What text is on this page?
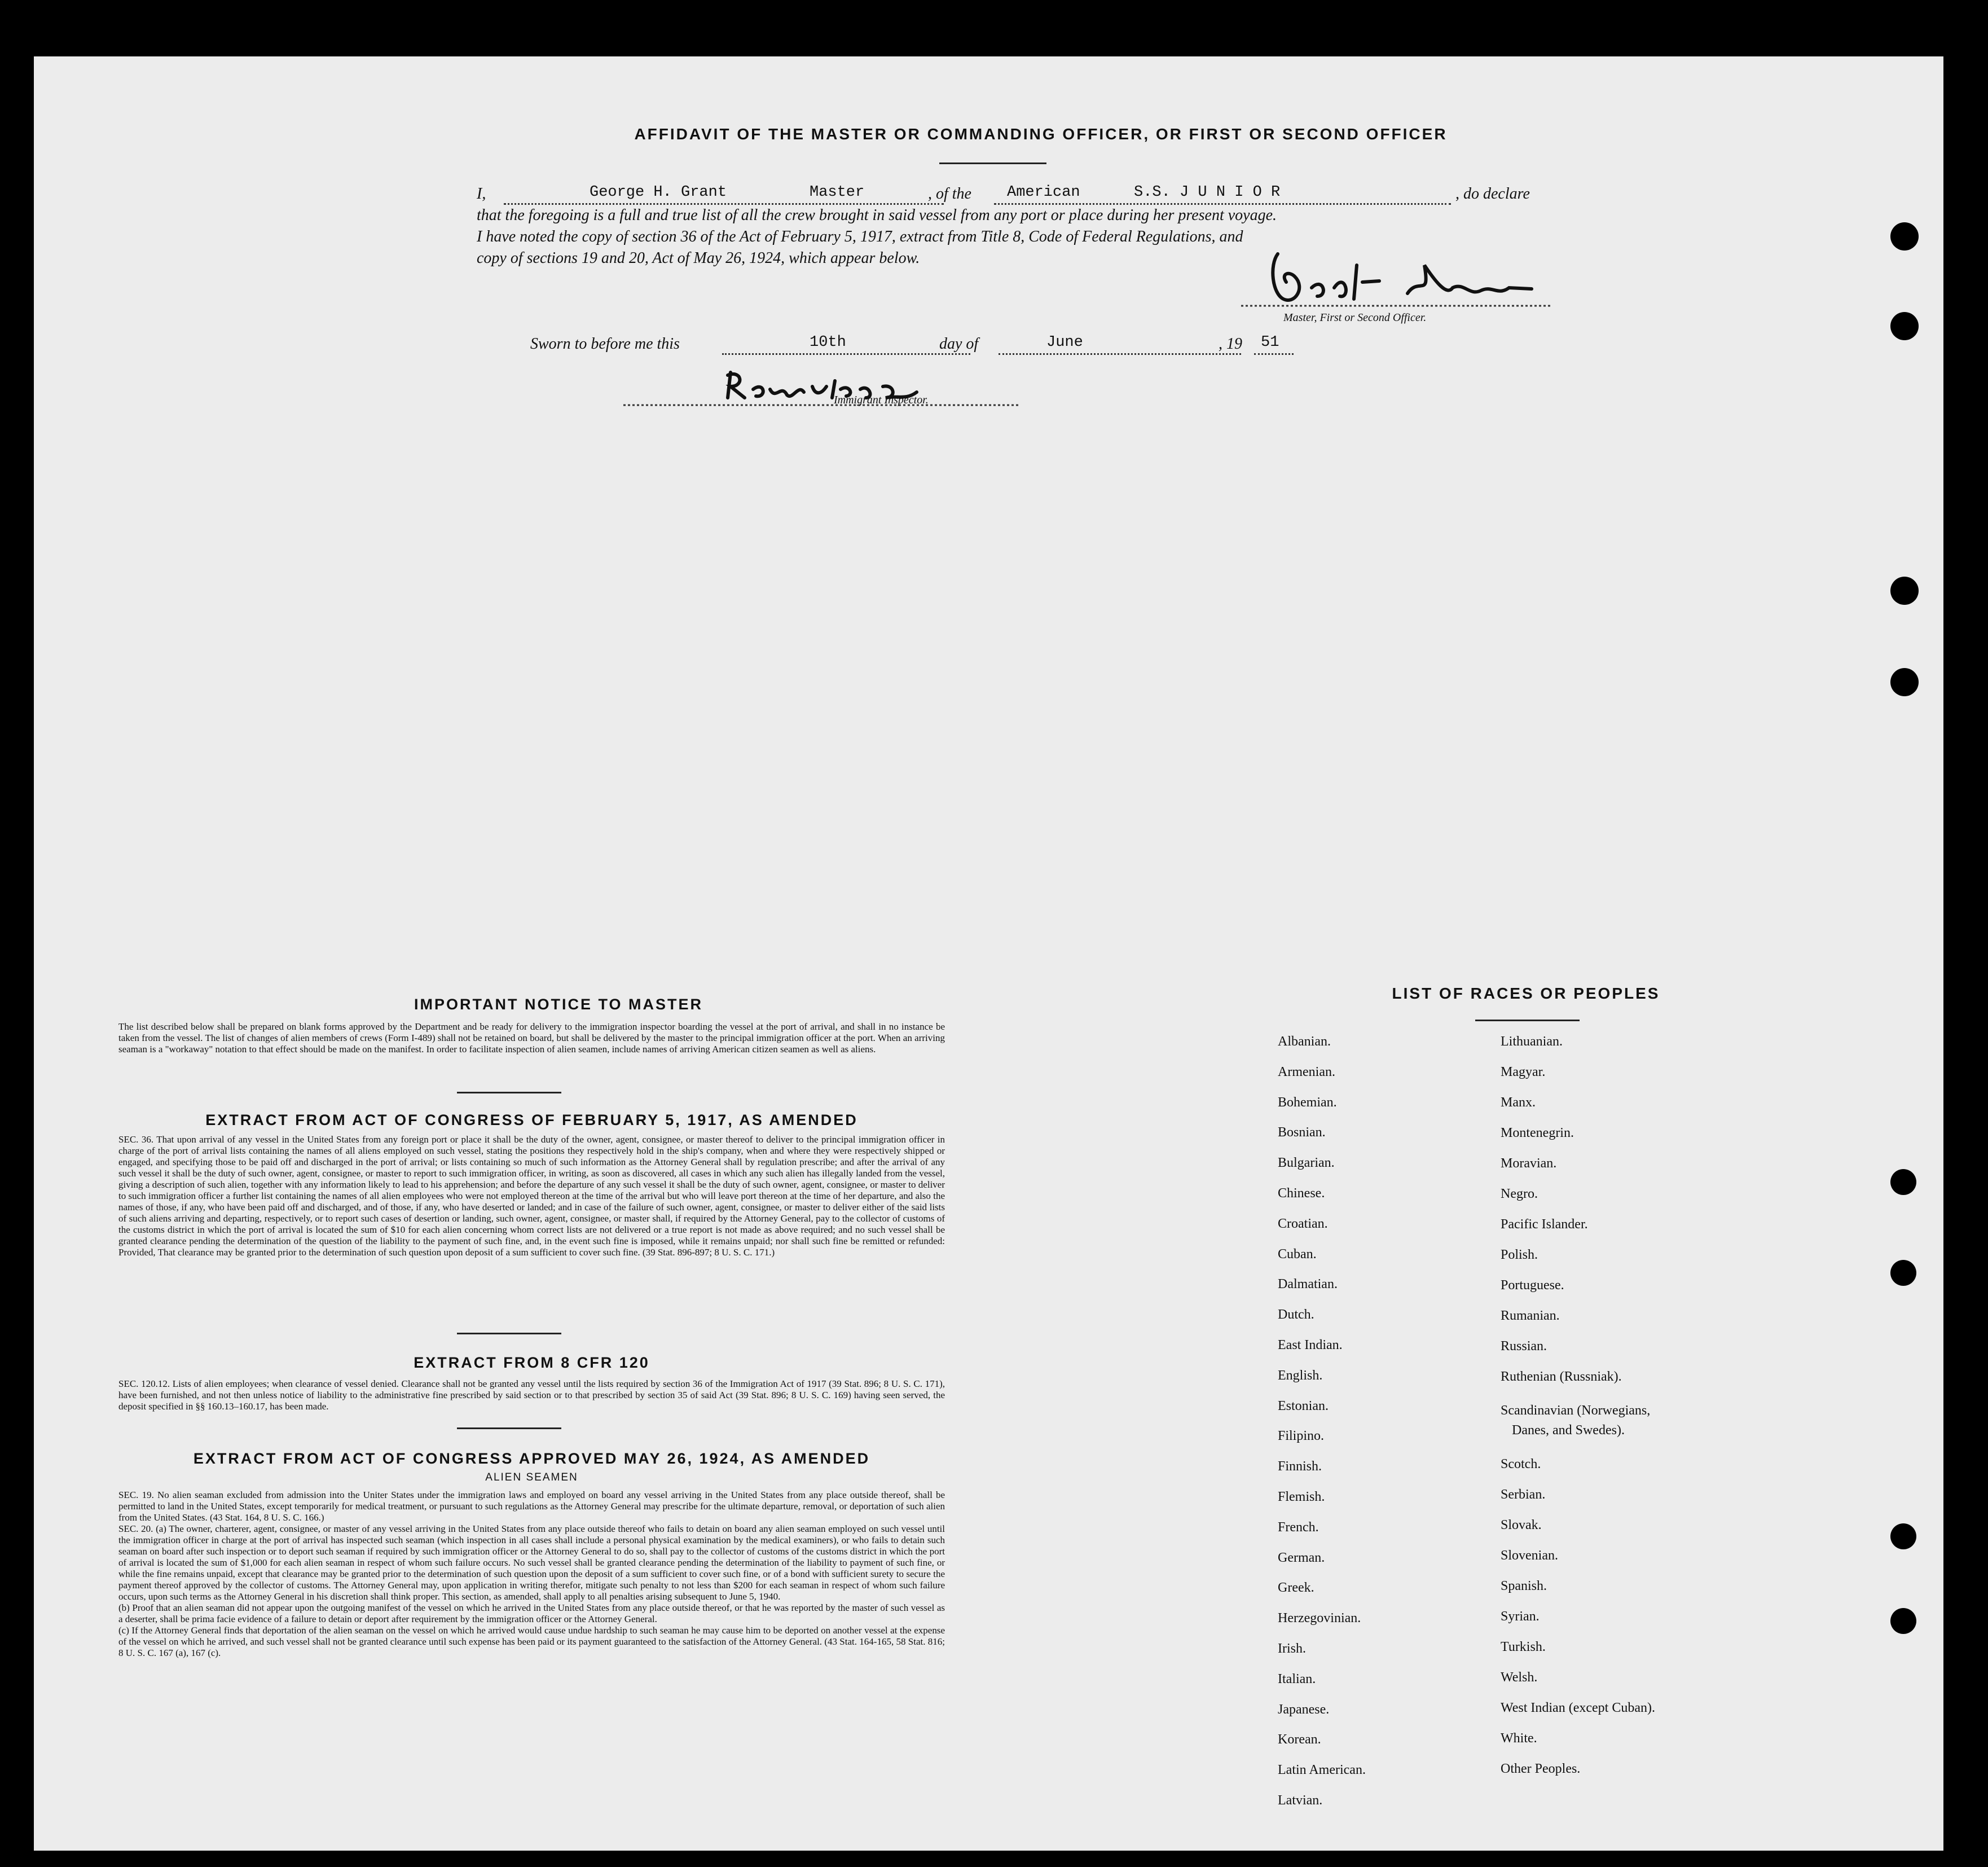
AFFIDAVIT OF THE MASTER OR COMMANDING OFFICER, OR FIRST OR SECOND OFFICER
I,	George H. Grant	Master	, of the American	S.S. J U N I O R	, do declare
that the foregoing is a full and true list of all the crew brought in said vessel from any port or place during her present voyage.
I have noted the copy of section 36 of the Act of February 5, 1917, extract from Title 8, Code of Federal Regulations, and
copy of sections 19 and 20, Act of May 26, 1924, which appear below.
Master, First or Second Officer.
Sworn to before me this	10th	day of	June	, 19 51
Immigrant Inspector.
IMPORTANT NOTICE TO MASTER
The list described below shall be prepared on blank forms approved by the Department and be ready for delivery to the immigration inspector boarding the vessel at the port of arrival, and shall in no instance be taken from the vessel. The list of changes of alien members of crews (Form I-489) shall not be retained on board, but shall be delivered by the master to the principal immigration officer at the port. When an arriving seaman is a "workaway" notation to that effect should be made on the manifest. In order to facilitate inspection of alien seamen, include names of arriving American citizen seamen as well as aliens.
EXTRACT FROM ACT OF CONGRESS OF FEBRUARY 5, 1917, AS AMENDED
SEC. 36. That upon arrival of any vessel in the United States from any foreign port or place it shall be the duty of the owner, agent, consignee, or master thereof to deliver to the principal immigration officer in charge of the port of arrival lists containing the names of all aliens employed on such vessel, stating the positions they respectively hold in the ship's company, when and where they were respectively shipped or engaged, and specifying those to be paid off and discharged in the port of arrival; or lists containing so much of such information as the Attorney General shall by regulation prescribe; and after the arrival of any such vessel it shall be the duty of such owner, agent, consignee, or master to report to such immigration officer, in writing, as soon as discovered, all cases in which any such alien has illegally landed from the vessel, giving a description of such alien, together with any information likely to lead to his apprehension; and before the departure of any such vessel it shall be the duty of such owner, agent, consignee, or master to deliver to such immigration officer a further list containing the names of all alien employees who were not employed thereon at the time of the arrival but who will leave port thereon at the time of her departure, and also the names of those, if any, who have been paid off and discharged, and of those, if any, who have deserted or landed; and in case of the failure of such owner, agent, consignee, or master to deliver either of the said lists of such aliens arriving and departing, respectively, or to report such cases of desertion or landing, such owner, agent, consignee, or master shall, if required by the Attorney General, pay to the collector of customs of the customs district in which the port of arrival is located the sum of $10 for each alien concerning whom correct lists are not delivered or a true report is not made as above required; and no such vessel shall be granted clearance pending the determination of the question of the liability to the payment of such fine, and, in the event such fine is imposed, while it remains unpaid; nor shall such fine be remitted or refunded: Provided, That clearance may be granted prior to the determination of such question upon deposit of a sum sufficient to cover such fine. (39 Stat. 896-897; 8 U. S. C. 171.)
EXTRACT FROM 8 CFR 120
SEC. 120.12. Lists of alien employees; when clearance of vessel denied. Clearance shall not be granted any vessel until the lists required by section 36 of the Immigration Act of 1917 (39 Stat. 896; 8 U. S. C. 171), have been furnished, and not then unless notice of liability to the administrative fine prescribed by said section or to that prescribed by section 35 of said Act (39 Stat. 896; 8 U. S. C. 169) having seen served, the deposit specified in §§ 160.13–160.17, has been made.
EXTRACT FROM ACT OF CONGRESS APPROVED MAY 26, 1924, AS AMENDED
ALIEN SEAMEN

SEC. 19. No alien seaman excluded from admission into the Uniter States under the immigration laws and employed on board any vessel arriving in the United States from any place outside thereof, shall be permitted to land in the United States, except temporarily for medical treatment, or pursuant to such regulations as the Attorney General may prescribe for the ultimate departure, removal, or deportation of such alien from the United States. (43 Stat. 164, 8 U. S. C. 166.)

SEC. 20. (a) The owner, charterer, agent, consignee, or master of any vessel arriving in the United States from any place outside thereof who fails to detain on board any alien seaman employed on such vessel until the immigration officer in charge at the port of arrival has inspected such seaman (which inspection in all cases shall include a personal physical examination by the medical examiners), or who fails to detain such seaman on board after such inspection or to deport such seaman if required by such immigration officer or the Attorney General to do so, shall pay to the collector of customs of the customs district in which the port of arrival is located the sum of $1,000 for each alien seaman in respect of whom such failure occurs. No such vessel shall be granted clearance pending the determination of the liability to payment of such fine, or while the fine remains unpaid, except that clearance may be granted prior to the determination of such question upon the deposit of a sum sufficient to cover such fine, or of a bond with sufficient surety to secure the payment thereof approved by the collector of customs. The Attorney General may, upon application in writing therefor, mitigate such penalty to not less than $200 for each seaman in respect of whom such failure occurs, upon such terms as the Attorney General in his discretion shall think proper. This section, as amended, shall apply to all penalties arising subsequent to June 5, 1940.

(b) Proof that an alien seaman did not appear upon the outgoing manifest of the vessel on which he arrived in the United States from any place outside thereof, or that he was reported by the master of such vessel as a deserter, shall be prima facie evidence of a failure to detain or deport after requirement by the immigration officer or the Attorney General.

(c) If the Attorney General finds that deportation of the alien seaman on the vessel on which he arrived would cause undue hardship to such seaman he may cause him to be deported on another vessel at the expense of the vessel on which he arrived, and such vessel shall not be granted clearance until such expense has been paid or its payment guaranteed to the satisfaction of the Attorney General. (43 Stat. 164-165, 58 Stat. 816; 8 U. S. C. 167 (a), 167 (c).

LIST OF RACES OR PEOPLES
Albanian.
Armenian.
Bohemian.
Bosnian.
Bulgarian.
Chinese.
Croatian.
Cuban.
Dalmatian.
Dutch.
East Indian.
English.
Estonian.
Filipino.
Finnish.
Flemish.
French.
German.
Greek.
Herzegovinian.
Irish.
Italian.
Japanese.
Korean.
Latin American.
Latvian.
Lithuanian.
Magyar.
Manx.
Montenegrin.
Moravian.
Negro.
Pacific Islander.
Polish.
Portuguese.
Rumanian.
Russian.
Ruthenian (Russniak).
Scandinavian (Norwegians,
Danes, and Swedes).
Scotch.
Serbian.
Slovak.
Slovenian.
Spanish.
Syrian.
Turkish.
Welsh.
West Indian (except Cuban).
White.
Other Peoples.
